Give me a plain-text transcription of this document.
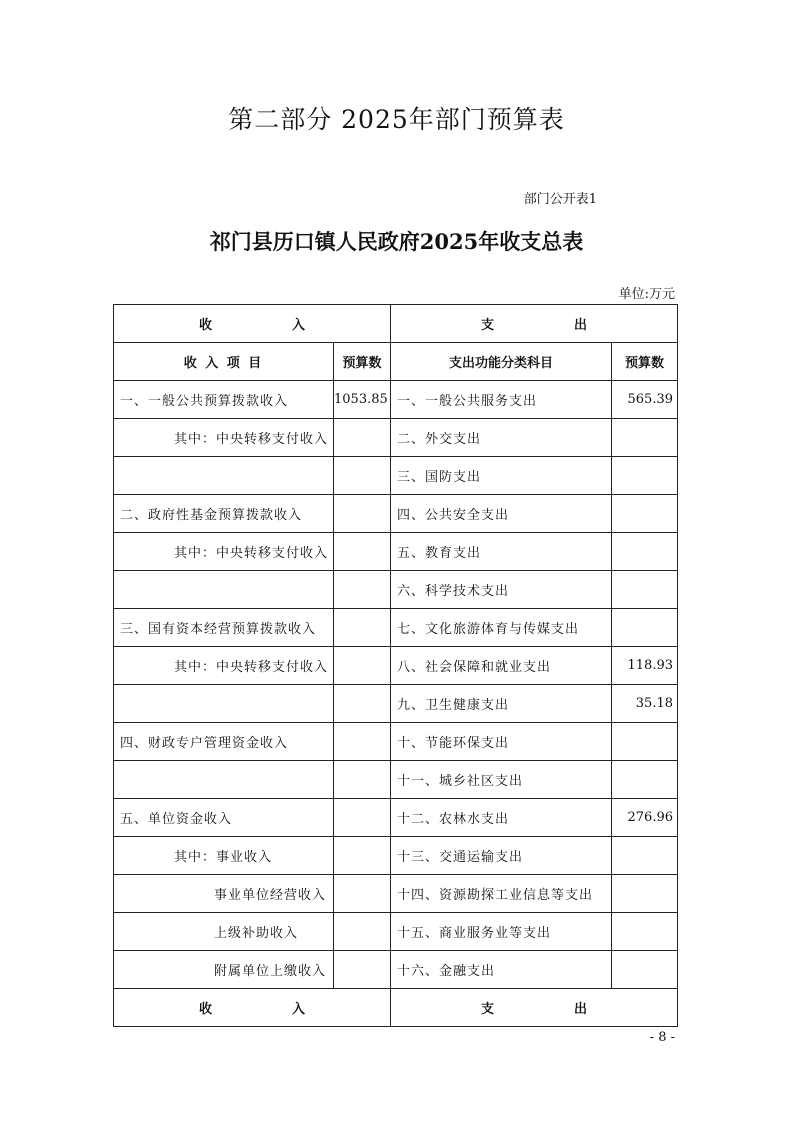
第二部分 2025年部门预算表
部门公开表1
祁门县历口镇人民政府2025年收支总表
单位:万元
收 入		支 出	
收 入 项 目	预算数	支出功能分类科目	预算数
一、一般公共预算拨款收入	1053.85	一、一般公共服务支出	565.39
其中：中央转移支付收入		二、外交支出	
		三、国防支出	
二、政府性基金预算拨款收入		四、公共安全支出	
其中：中央转移支付收入		五、教育支出	
		六、科学技术支出	
三、国有资本经营预算拨款收入		七、文化旅游体育与传媒支出	
其中：中央转移支付收入		八、社会保障和就业支出	118.93
		九、卫生健康支出	35.18
四、财政专户管理资金收入		十、节能环保支出	
		十一、城乡社区支出	
五、单位资金收入		十二、农林水支出	276.96
其中：事业收入		十三、交通运输支出	
事业单位经营收入		十四、资源勘探工业信息等支出	
上级补助收入		十五、商业服务业等支出	
附属单位上缴收入		十六、金融支出	
收 入		支 出	
- 8 -
